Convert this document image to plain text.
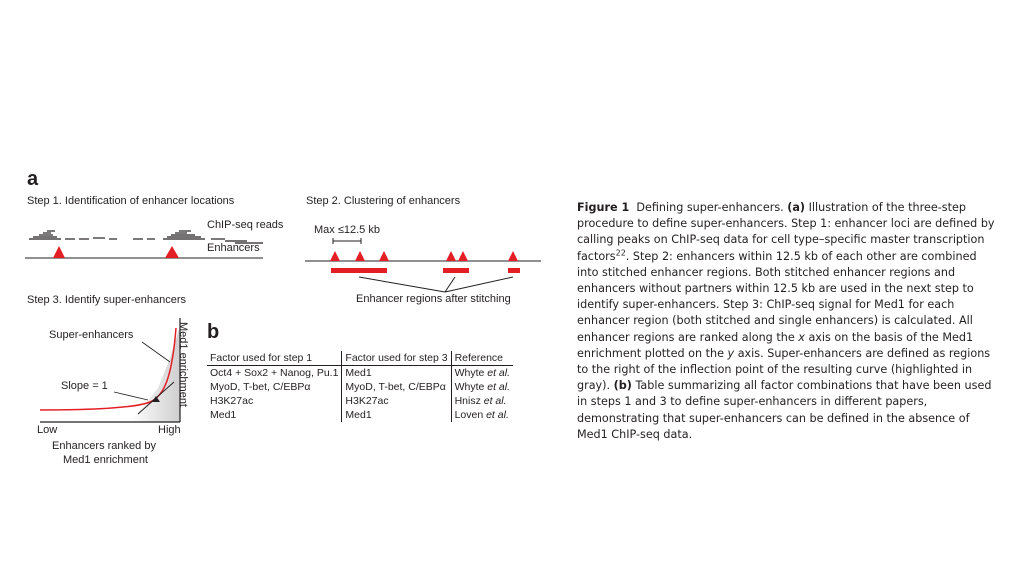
a
Step 1. Identification of enhancer locations
ChIP-seq reads
Enhancers
Step 2. Clustering of enhancers
Max ≤12.5 kb
Enhancer regions after stitching
Step 3. Identify super-enhancers
Super-enhancers
Slope = 1	Med1 enrichment
Low	High
Enhancers ranked by
Med1 enrichment
b
Factor used for step 1	Factor used for step 3	Reference
Oct4 + Sox2 + Nanog, Pu.1	Med1	Whyte et al.
MyoD, T-bet, C/EBPα	MyoD, T-bet, C/EBPα	Whyte et al.
H3K27ac	H3K27ac	Hnisz et al.
Med1	Med1	Loven et al.
Figure 1 Defining super-enhancers. (a) Illustration of the three-step procedure to define super-enhancers. Step 1: enhancer loci are defined by calling peaks on ChIP-seq data for cell type–specific master transcription factors$^{22}$. Step 2: enhancers within 12.5 kb of each other are combined into stitched enhancer regions. Both stitched enhancer regions and enhancers without partners within 12.5 kb are used in the next step to identify super-enhancers. Step 3: ChIP-seq signal for Med1 for each enhancer region (both stitched and single enhancers) is calculated. All enhancer regions are ranked along the x axis on the basis of the Med1 enrichment plotted on the y axis. Super-enhancers are defined as regions to the right of the inflection point of the resulting curve (highlighted in gray). (b) Table summarizing all factor combinations that have been used in steps 1 and 3 to define super-enhancers in different papers, demonstrating that super-enhancers can be defined in the absence of Med1 ChIP-seq data.
